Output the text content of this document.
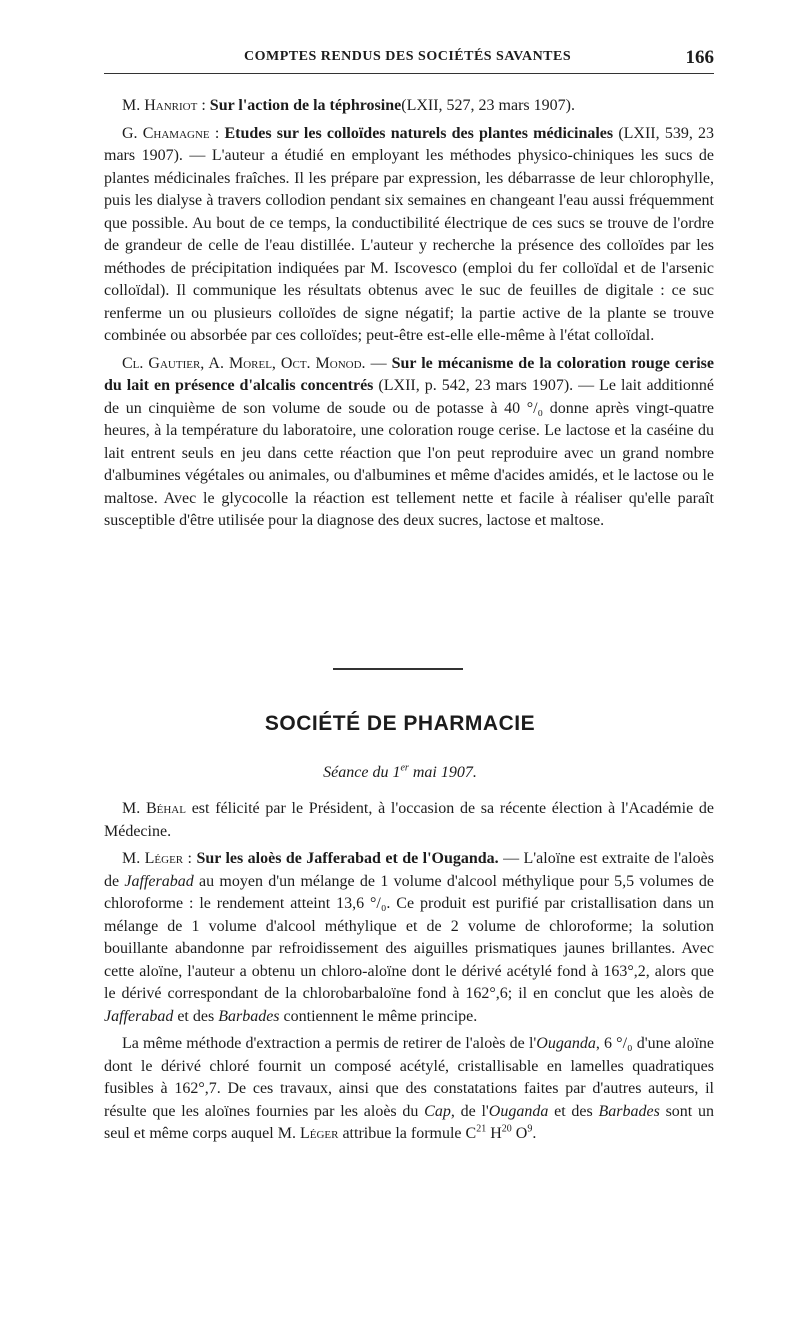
COMPTES RENDUS DES SOCIÉTÉS SAVANTES	166

M. Hanriot : Sur l'action de la téphrosine(LXII, 527, 23 mars 1907).

G. Chamagne : Etudes sur les colloïdes naturels des plantes médicinales (LXII, 539, 23 mars 1907). — L'auteur a étudié en employant les méthodes physico-chiniques les sucs de plantes médicinales fraîches. Il les prépare par expression, les débarrasse de leur chlorophylle, puis les dialyse à travers collodion pendant six semaines en changeant l'eau aussi fréquemment que possible. Au bout de ce temps, la conductibilité électrique de ces sucs se trouve de l'ordre de grandeur de celle de l'eau distillée. L'auteur y recherche la présence des colloïdes par les méthodes de précipitation indiquées par M. Iscovesco (emploi du fer colloïdal et de l'arsenic colloïdal). Il communique les résultats obtenus avec le suc de feuilles de digitale : ce suc renferme un ou plusieurs colloïdes de signe négatif; la partie active de la plante se trouve combinée ou absorbée par ces colloïdes; peut-être est-elle elle-même à l'état colloïdal.

Cl. Gautier, A. Morel, Oct. Monod. — Sur le mécanisme de la coloration rouge cerise du lait en présence d'alcalis concentrés (LXII, p. 542, 23 mars 1907). — Le lait additionné de un cinquième de son volume de soude ou de potasse à 40 °/₀ donne après vingt-quatre heures, à la température du laboratoire, une coloration rouge cerise. Le lactose et la caséine du lait entrent seuls en jeu dans cette réaction que l'on peut reproduire avec un grand nombre d'albumines végétales ou animales, ou d'albumines et même d'acides amidés, et le lactose ou le maltose. Avec le glycocolle la réaction est tellement nette et facile à réaliser qu'elle paraît susceptible d'être utilisée pour la diagnose des deux sucres, lactose et maltose.

SOCIÉTÉ DE PHARMACIE
Séance du 1er mai 1907.

M. Béhal est félicité par le Président, à l'occasion de sa récente élection à l'Académie de Médecine.

M. Léger : Sur les aloès de Jafferabad et de l'Ouganda. — L'aloïne est extraite de l'aloès de Jafferabad au moyen d'un mélange de 1 volume d'alcool méthylique pour 5,5 volumes de chloroforme : le rendement atteint 13,6 °/₀. Ce produit est purifié par cristallisation dans un mélange de 1 volume d'alcool méthylique et de 2 volume de chloroforme; la solution bouillante abandonne par refroidissement des aiguilles prismatiques jaunes brillantes. Avec cette aloïne, l'auteur a obtenu un chloro-aloïne dont le dérivé acétylé fond à 163°,2, alors que le dérivé correspondant de la chlorobarbaloïne fond à 162°,6; il en conclut que les aloès de Jafferabad et des Barbades contiennent le même principe.

La même méthode d'extraction a permis de retirer de l'aloès de l'Ouganda, 6 °/₀ d'une aloïne dont le dérivé chloré fournit un composé acétylé, cristallisable en lamelles quadratiques fusibles à 162°,7. De ces travaux, ainsi que des constatations faites par d'autres auteurs, il résulte que les aloïnes fournies par les aloès du Cap, de l'Ouganda et des Barbades sont un seul et même corps auquel M. Léger attribue la formule $C^{21}$ $H^{20}$ $O^9$.
